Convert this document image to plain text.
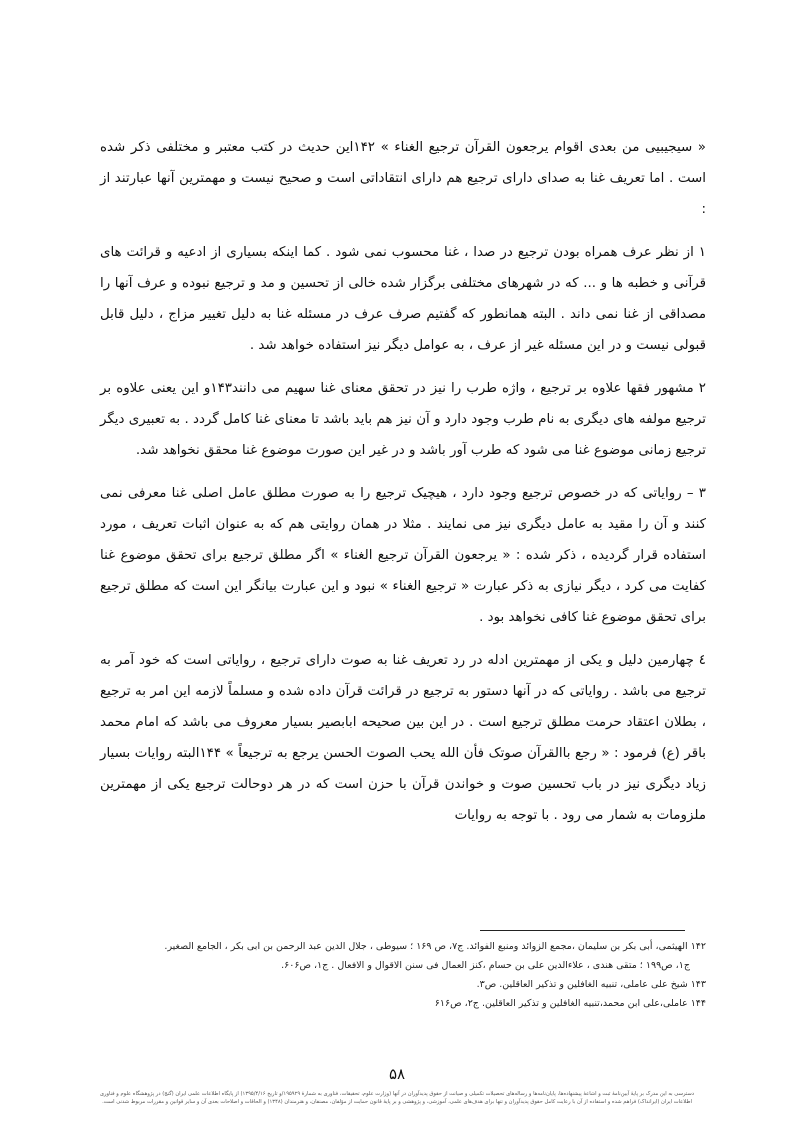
« سیجیبیی من بعدی اقوام یرجعون القرآن ترجیع الغناء » ۱۴۲این حدیث در کتب معتبر و مختلفی ذکر شده است . اما تعریف غنا به صدای دارای ترجیع هم دارای انتقاداتی است و صحیح نیست و مهمترین آنها عبارتند از :

۱ از نظر عرف همراه بودن ترجیع در صدا ، غنا محسوب نمی شود . کما اینکه بسیاری از ادعیه و قرائت های قرآنی و خطبه ها و ... که در شهرهای مختلفی برگزار شده خالی از تحسین و مد و ترجیع نبوده و عرف آنها را مصداقی از غنا نمی داند . البته همانطور که گفتیم صرف عرف در مسئله غنا به دلیل تغییر مزاج ، دلیل قابل قبولی نیست و در این مسئله غیر از عرف ، به عوامل دیگر نیز استفاده خواهد شد .

۲ مشهور فقها علاوه بر ترجیع ، واژه طرب را نیز در تحقق معنای غنا سهیم می دانند۱۴۳و این یعنی علاوه بر ترجیع مولفه های دیگری به نام طرب وجود دارد و آن نیز هم باید باشد تا معنای غنا کامل گردد . به تعبیری دیگر ترجیع زمانی موضوع غنا می شود که طرب آور باشد و در غیر این صورت موضوع غنا محقق نخواهد شد.

۳ – روایاتی که در خصوص ترجیع وجود دارد ، هیچیک ترجیع را به صورت مطلق عامل اصلی غنا معرفی نمی کنند و آن را مقید به عامل دیگری نیز می نمایند . مثلا در همان روایتی هم که به عنوان اثبات تعریف ، مورد استفاده قرار گردیده ، ذکر شده : « یرجعون القرآن ترجیع الغناء » اگر مطلق ترجیع برای تحقق موضوع غنا کفایت می کرد ، دیگر نیازی به ذکر عبارت « ترجیع الغناء » نبود و این عبارت بیانگر این است که مطلق ترجیع برای تحقق موضوع غنا کافی نخواهد بود .

٤ چهارمین دلیل و یکی از مهمترین ادله در رد تعریف غنا به صوت دارای ترجیع ، روایاتی است که خود آمر به ترجیع می باشد . روایاتی که در آنها دستور به ترجیع در قرائت قرآن داده شده و مسلماً لازمه این امر به ترجیع ، بطلان اعتقاد حرمت مطلق ترجیع است . در این بین صحیحه ابابصیر بسیار معروف می باشد که امام محمد باقر (ع) فرمود : « رجع باالقرآن صوتک فأن الله یحب الصوت الحسن یرجع به ترجیعاً » ۱۴۴البته روایات بسیار زیاد دیگری نیز در باب تحسین صوت و خواندن قرآن با حزن است که در هر دوحالت ترجیع یکی از مهمترین ملزومات به شمار می رود . با توجه به روایات

۱۴۲ الهیثمی، أبی بکر بن سلیمان ،مجمع الزوائد ومنبع الفوائد. ج۷، ص ۱۶۹ ؛ سیوطی ، جلال الدین عبد الرحمن بن ابی بکر ، الجامع الصغیر.

ج۱، ص۱۹۹ ؛ متقی هندی ، علاءالدین علی بن حسام ،کنز العمال فی سنن الاقوال و الافعال . ج۱، ص۶۰۶.

۱۴۳ شیخ علی عاملی، تنبیه الغافلین و تذکیر العاقلین. ص۳.

۱۴۴ عاملی،علی ابن محمد،تنبیه الغافلین و تذکیر العاقلین. ج۲، ص۶۱۶

۵۸

دسترسی به این مدرک بر پایهٔ آیین‌نامهٔ ثبت و اشاعهٔ پیشنهاده‌ها، پایان‌نامه‌ها و رساله‌های تحصیلات تکمیلی و صیانت از حقوق پدیدآوران در آنها (وزارت علوم، تحقیقات، فناوری به شمارهٔ ۱۹۵۹۲۹/و تاریخ ۱۳۹۵/۴/۱۶) از پایگاه اطلاعات علمی ایران (گنج) در پژوهشگاه علوم و فناوری

اطلاعات ایران (ایرانداک) فراهم شده و استفاده از آن با رعایت کامل حقوق پدیدآوران و تنها برای هدف‌های علمی، آموزشی، و پژوهشی و بر پایهٔ قانون حمایت از مؤلفان، مصنفان، و هنرمندان (۱۳۴۸) و الحاقات و اصلاحات بعدی آن و سایر قوانین و مقررات مربوط شدنی است.
